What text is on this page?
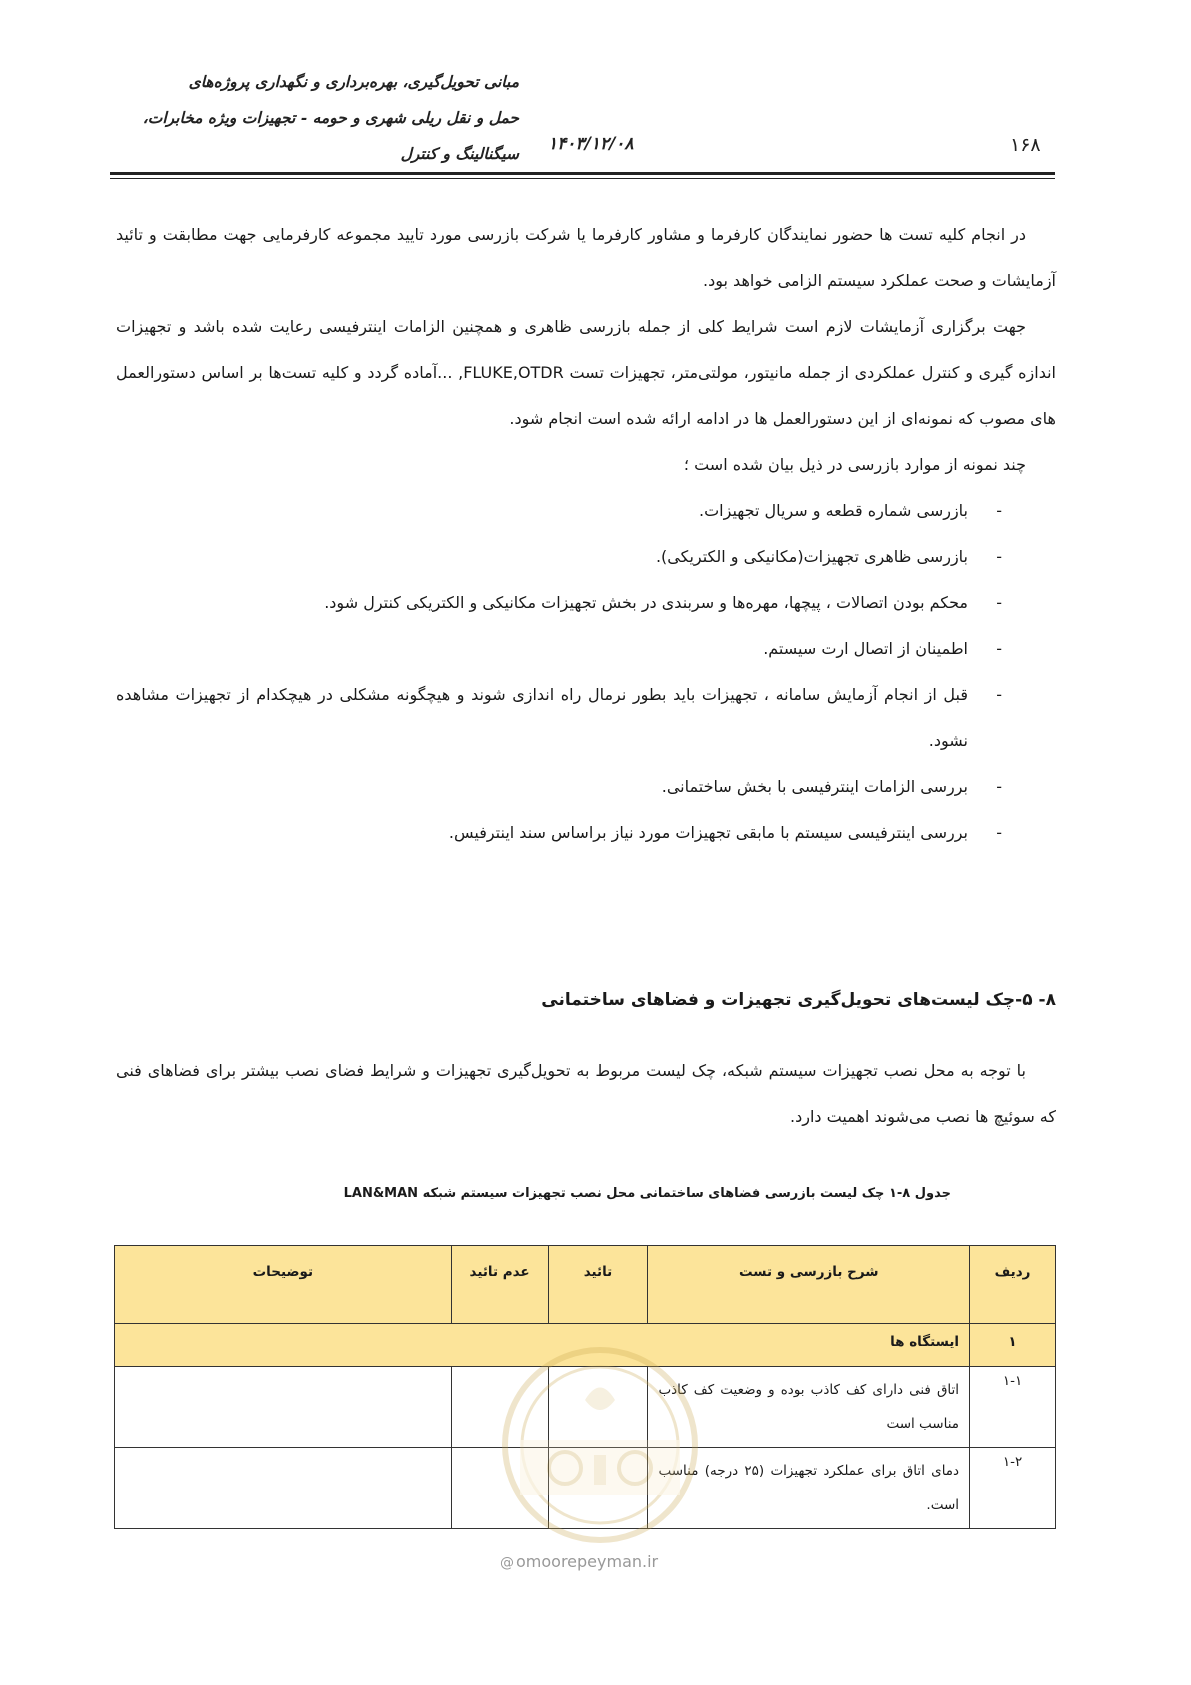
مبانی تحویل‌گیری، بهره‌برداری و نگهداری پروژه‌های
حمل و نقل ریلی شهری و حومه - تجهیزات ویژه مخابرات،
سیگنالینگ و کنترل ۱۴۰۳/۱۲/۰۸	۱۶۸

در انجام کلیه تست ها حضور نمایندگان کارفرما و مشاور کارفرما یا شرکت بازرسی مورد تایید مجموعه کارفرمایی جهت مطابقت و تائید آزمایشات و صحت عملکرد سیستم الزامی خواهد بود.

جهت برگزاری آزمایشات لازم است شرایط کلی از جمله بازرسی ظاهری و همچنین الزامات اینترفیسی رعایت شده باشد و تجهیزات اندازه گیری و کنترل عملکردی از جمله مانیتور، مولتی‌متر، تجهیزات تست FLUKE,OTDR, ...آماده گردد و کلیه تست‌ها بر اساس دستورالعمل های مصوب که نمونه‌ای از این دستورالعمل ها در ادامه ارائه شده است انجام شود.

چند نمونه از موارد بازرسی در ذیل بیان شده است ؛

- بازرسی شماره قطعه و سریال تجهیزات.
- بازرسی ظاهری تجهیزات(مکانیکی و الکتریکی).
- محکم بودن اتصالات ، پیچها، مهره‌ها و سربندی در بخش تجهیزات مکانیکی و الکتریکی کنترل شود.
- اطمینان از اتصال ارت سیستم.
- قبل از انجام آزمایش سامانه ، تجهیزات باید بطور نرمال راه اندازی شوند و هیچگونه مشکلی در هیچکدام از تجهیزات مشاهده نشود.
- بررسی الزامات اینترفیسی با بخش ساختمانی.
- بررسی اینترفیسی سیستم با مابقی تجهیزات مورد نیاز براساس سند اینترفیس.
۸- ۵-چک لیست‌های تحویل‌گیری تجهیزات و فضاهای ساختمانی

با توجه به محل نصب تجهیزات سیستم شبکه، چک لیست مربوط به تحویل‌گیری تجهیزات و شرایط فضای نصب بیشتر برای فضاهای فنی که سوئیچ ها نصب می‌شوند اهمیت دارد.

جدول ۸-۱ چک لیست بازرسی فضاهای ساختمانی محل نصب تجهیزات سیستم شبکه LAN&MAN
ردیف	شرح بازرسی و تست	تائید	عدم تائید	توضیحات
۱	ایستگاه ها			
۱-۱	اتاق فنی دارای کف کاذب بوده و وضعیت کف کاذب مناسب است			
۱-۲	دمای اتاق برای عملکرد تجهیزات (۲۵ درجه) مناسب است.			
@ omoorepeyman.ir
